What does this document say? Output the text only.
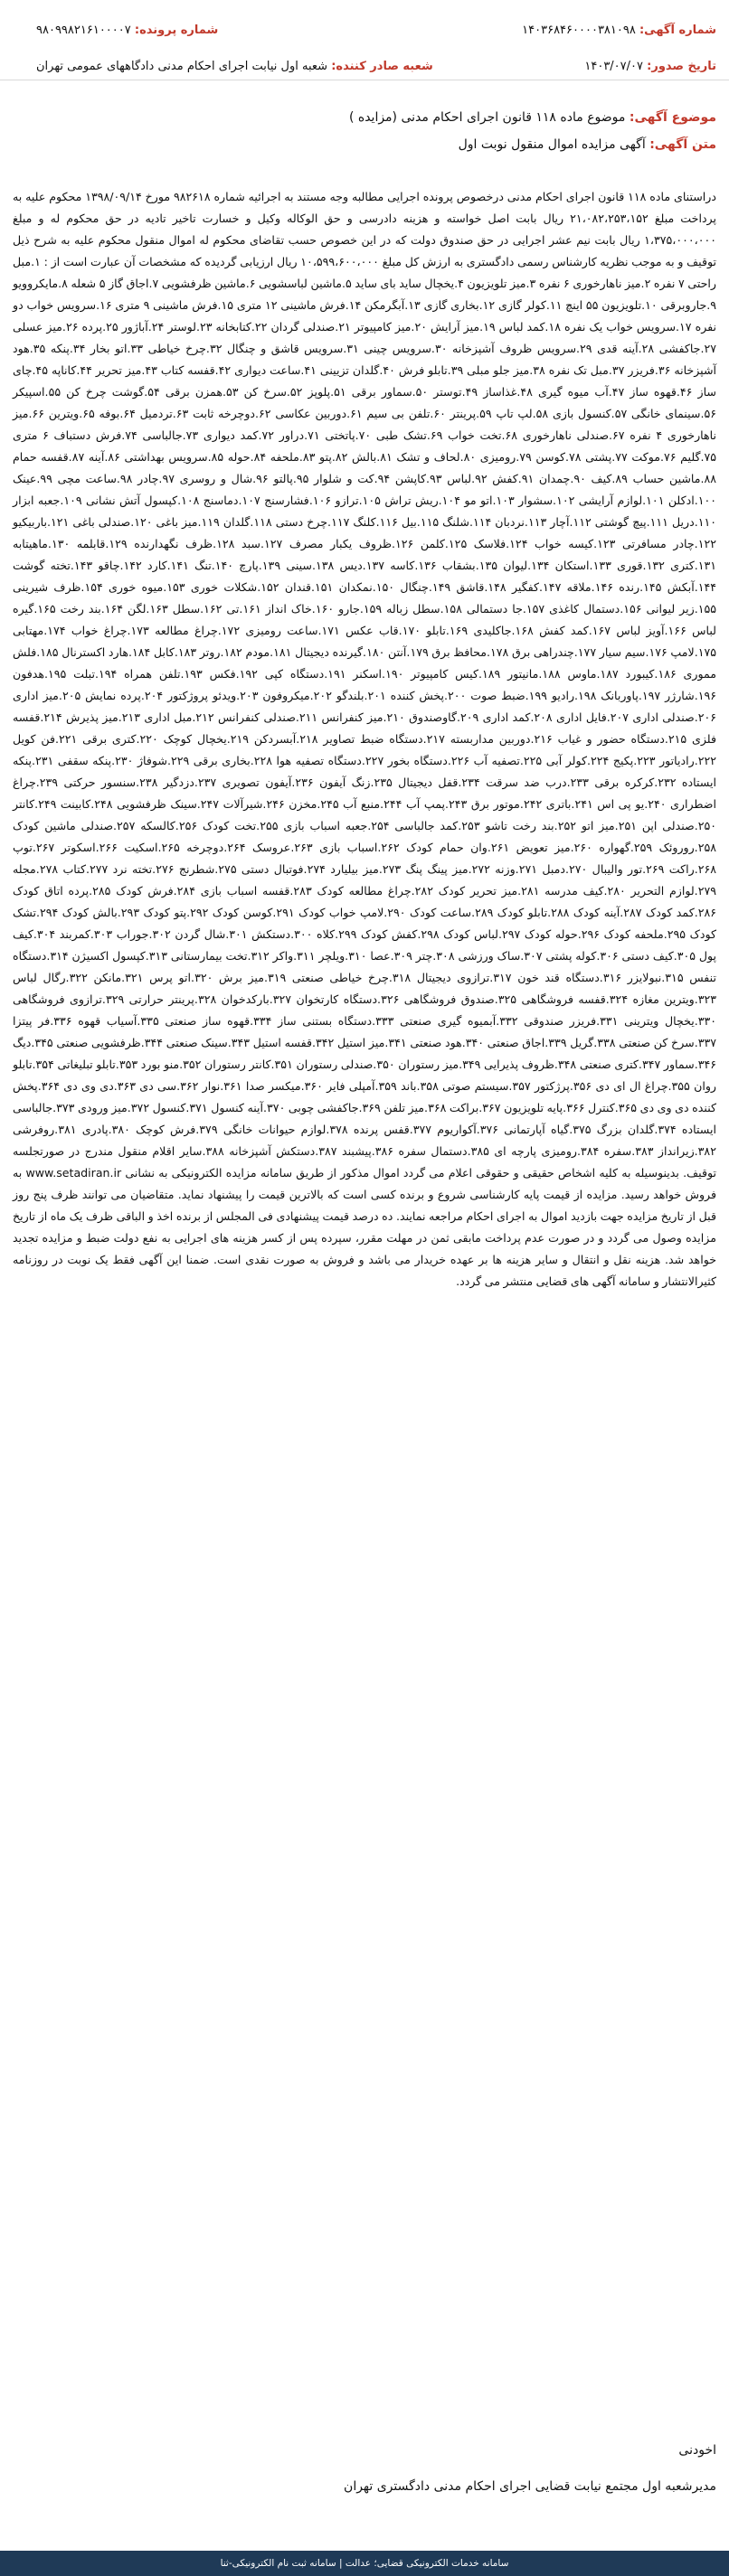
شماره آگهی: ۱۴۰۳۶۸۴۶۰۰۰۰۳۸۱۰۹۸
شماره پرونده: ۹۸۰۹۹۸۲۱۶۱۰۰۰۰۷
تاریخ صدور: ۱۴۰۳/۰۷/۰۷
شعبه صادر کننده: شعبه اول نیابت اجرای احکام مدنی دادگاههای عمومی تهران
موضوع آگهی: موضوع ماده ۱۱۸ قانون اجرای احکام مدنی (مزایده )
متن آگهی: آگهی مزایده اموال منقول نوبت اول
دراستنای ماده ۱۱۸ قانون اجرای احکام مدنی درخصوص پرونده اجرایی مطالبه وجه مستند به اجرائیه شماره ۹۸۲۶۱۸ مورخ ۱۳۹۸/۰۹/۱۴ محکوم علیه به پرداخت مبلغ ۲۱،۰۸۲،۲۵۳،۱۵۲ ریال بابت اصل خواسته و هزینه دادرسی و حق الوکاله وکیل و خسارت تاخیر تادیه در حق محکوم له و مبلغ ۱،۳۷۵،۰۰۰،۰۰۰ ریال بابت نیم عشر اجرایی در حق صندوق دولت که در این خصوص حسب تقاضای محکوم له اموال منقول محکوم علیه به شرح ذیل توقیف و به موجب نظریه کارشناس رسمی دادگستری به ارزش کل مبلغ ۱۰،۵۹۹،۶۰۰،۰۰۰ ریال ارزیابی گردیده که مشخصات آن عبارت است از : ۱.مبل راحتی ۷ نفره ۲.میز ناهارخوری ۶ نفره ۳.میز تلویزیون ۴.یخچال ساید بای ساید ۵.ماشین لباسشویی ۶.ماشین ظرفشویی ۷.اجاق گاز ۵ شعله ۸.مایکروویو ۹.جاروبرقی ۱۰.تلویزیون ۵۵ اینچ ۱۱.کولر گازی ۱۲.بخاری گازی ۱۳.آبگرمکن ۱۴.فرش ماشینی ۱۲ متری ۱۵.فرش ماشینی ۹ متری ۱۶.سرویس خواب دو نفره ۱۷.سرویس خواب یک نفره ۱۸.کمد لباس ۱۹.میز آرایش ۲۰.میز کامپیوتر ۲۱.صندلی گردان ۲۲.کتابخانه ۲۳.لوستر ۲۴.آباژور ۲۵.پرده ۲۶.میز عسلی ۲۷.جاکفشی ۲۸.آینه قدی ۲۹.سرویس ظروف آشپزخانه ۳۰.سرویس چینی ۳۱.سرویس قاشق و چنگال ۳۲.چرخ خیاطی ۳۳.اتو بخار ۳۴.پنکه ۳۵.هود آشپزخانه ۳۶.فریزر ۳۷.مبل تک نفره ۳۸.میز جلو مبلی ۳۹.تابلو فرش ۴۰.گلدان تزیینی ۴۱.ساعت دیواری ۴۲.قفسه کتاب ۴۳.میز تحریر ۴۴.کاناپه ۴۵.چای ساز ۴۶.قهوه ساز ۴۷.آب میوه گیری ۴۸.غذاساز ۴۹.توستر ۵۰.سماور برقی ۵۱.پلوپز ۵۲.سرخ کن ۵۳.همزن برقی ۵۴.گوشت چرخ کن ۵۵.اسپیکر ۵۶.سینمای خانگی ۵۷.کنسول بازی ۵۸.لپ تاپ ۵۹.پرینتر ۶۰.تلفن بی سیم ۶۱.دوربین عکاسی ۶۲.دوچرخه ثابت ۶۳.تردمیل ۶۴.بوفه ۶۵.ویترین ۶۶.میز ناهارخوری ۴ نفره ۶۷.صندلی ناهارخوری ۶۸.تخت خواب ۶۹.تشک طبی ۷۰.پاتختی ۷۱.دراور ۷۲.کمد دیواری ۷۳.جالباسی ۷۴.فرش دستباف ۶ متری ۷۵.گلیم ۷۶.موکت ۷۷.پشتی ۷۸.کوسن ۷۹.رومیزی ۸۰.لحاف و تشک ۸۱.بالش ۸۲.پتو ۸۳.ملحفه ۸۴.حوله ۸۵.سرویس بهداشتی ۸۶.آینه ۸۷.قفسه حمام ۸۸.ماشین حساب ۸۹.کیف ۹۰.چمدان ۹۱.کفش ۹۲.لباس ۹۳.کاپشن ۹۴.کت و شلوار ۹۵.پالتو ۹۶.شال و روسری ۹۷.چادر ۹۸.ساعت مچی ۹۹.عینک ۱۰۰.ادکلن ۱۰۱.لوازم آرایشی ۱۰۲.سشوار ۱۰۳.اتو مو ۱۰۴.ریش تراش ۱۰۵.ترازو ۱۰۶.فشارسنج ۱۰۷.دماسنج ۱۰۸.کپسول آتش نشانی ۱۰۹.جعبه ابزار ۱۱۰.دریل ۱۱۱.پیچ گوشتی ۱۱۲.آچار ۱۱۳.نردبان ۱۱۴.شلنگ ۱۱۵.بیل ۱۱۶.کلنگ ۱۱۷.چرخ دستی ۱۱۸.گلدان ۱۱۹.میز باغی ۱۲۰.صندلی باغی ۱۲۱.باربیکیو ۱۲۲.چادر مسافرتی ۱۲۳.کیسه خواب ۱۲۴.فلاسک ۱۲۵.کلمن ۱۲۶.ظروف یکبار مصرف ۱۲۷.سبد ۱۲۸.ظرف نگهدارنده ۱۲۹.قابلمه ۱۳۰.ماهیتابه ۱۳۱.کتری ۱۳۲.قوری ۱۳۳.استکان ۱۳۴.لیوان ۱۳۵.بشقاب ۱۳۶.کاسه ۱۳۷.دیس ۱۳۸.سینی ۱۳۹.پارچ ۱۴۰.تنگ ۱۴۱.کارد ۱۴۲.چاقو ۱۴۳.تخته گوشت ۱۴۴.آبکش ۱۴۵.رنده ۱۴۶.ملاقه ۱۴۷.کفگیر ۱۴۸.قاشق ۱۴۹.چنگال ۱۵۰.نمکدان ۱۵۱.قندان ۱۵۲.شکلات خوری ۱۵۳.میوه خوری ۱۵۴.ظرف شیرینی ۱۵۵.زیر لیوانی ۱۵۶.دستمال کاغذی ۱۵۷.جا دستمالی ۱۵۸.سطل زباله ۱۵۹.جارو ۱۶۰.خاک انداز ۱۶۱.تی ۱۶۲.سطل ۱۶۳.لگن ۱۶۴.بند رخت ۱۶۵.گیره لباس ۱۶۶.آویز لباس ۱۶۷.کمد کفش ۱۶۸.جاکلیدی ۱۶۹.تابلو ۱۷۰.قاب عکس ۱۷۱.ساعت رومیزی ۱۷۲.چراغ مطالعه ۱۷۳.چراغ خواب ۱۷۴.مهتابی ۱۷۵.لامپ ۱۷۶.سیم سیار ۱۷۷.چندراهی برق ۱۷۸.محافظ برق ۱۷۹.آنتن ۱۸۰.گیرنده دیجیتال ۱۸۱.مودم ۱۸۲.روتر ۱۸۳.کابل ۱۸۴.هارد اکسترنال ۱۸۵.فلش مموری ۱۸۶.کیبورد ۱۸۷.ماوس ۱۸۸.مانیتور ۱۸۹.کیس کامپیوتر ۱۹۰.اسکنر ۱۹۱.دستگاه کپی ۱۹۲.فکس ۱۹۳.تلفن همراه ۱۹۴.تبلت ۱۹۵.هدفون ۱۹۶.شارژر ۱۹۷.پاوربانک ۱۹۸.رادیو ۱۹۹.ضبط صوت ۲۰۰.پخش کننده ۲۰۱.بلندگو ۲۰۲.میکروفون ۲۰۳.ویدئو پروژکتور ۲۰۴.پرده نمایش ۲۰۵.میز اداری ۲۰۶.صندلی اداری ۲۰۷.فایل اداری ۲۰۸.کمد اداری ۲۰۹.گاوصندوق ۲۱۰.میز کنفرانس ۲۱۱.صندلی کنفرانس ۲۱۲.مبل اداری ۲۱۳.میز پذیرش ۲۱۴.قفسه فلزی ۲۱۵.دستگاه حضور و غیاب ۲۱۶.دوربین مداربسته ۲۱۷.دستگاه ضبط تصاویر ۲۱۸.آبسردکن ۲۱۹.یخچال کوچک ۲۲۰.کتری برقی ۲۲۱.فن کویل ۲۲۲.رادیاتور ۲۲۳.پکیج ۲۲۴.کولر آبی ۲۲۵.تصفیه آب ۲۲۶.دستگاه بخور ۲۲۷.دستگاه تصفیه هوا ۲۲۸.بخاری برقی ۲۲۹.شوفاژ ۲۳۰.پنکه سقفی ۲۳۱.پنکه ایستاده ۲۳۲.کرکره برقی ۲۳۳.درب ضد سرقت ۲۳۴.قفل دیجیتال ۲۳۵.زنگ آیفون ۲۳۶.آیفون تصویری ۲۳۷.دزدگیر ۲۳۸.سنسور حرکتی ۲۳۹.چراغ اضطراری ۲۴۰.یو پی اس ۲۴۱.باتری ۲۴۲.موتور برق ۲۴۳.پمپ آب ۲۴۴.منبع آب ۲۴۵.مخزن ۲۴۶.شیرآلات ۲۴۷.سینک ظرفشویی ۲۴۸.کابینت ۲۴۹.کانتر ۲۵۰.صندلی اپن ۲۵۱.میز اتو ۲۵۲.بند رخت تاشو ۲۵۳.کمد جالباسی ۲۵۴.جعبه اسباب بازی ۲۵۵.تخت کودک ۲۵۶.کالسکه ۲۵۷.صندلی ماشین کودک ۲۵۸.روروئک ۲۵۹.گهواره ۲۶۰.میز تعویض ۲۶۱.وان حمام کودک ۲۶۲.اسباب بازی ۲۶۳.عروسک ۲۶۴.دوچرخه ۲۶۵.اسکیت ۲۶۶.اسکوتر ۲۶۷.توپ ۲۶۸.راکت ۲۶۹.تور والیبال ۲۷۰.دمبل ۲۷۱.وزنه ۲۷۲.میز پینگ پنگ ۲۷۳.میز بیلیارد ۲۷۴.فوتبال دستی ۲۷۵.شطرنج ۲۷۶.تخته نرد ۲۷۷.کتاب ۲۷۸.مجله ۲۷۹.لوازم التحریر ۲۸۰.کیف مدرسه ۲۸۱.میز تحریر کودک ۲۸۲.چراغ مطالعه کودک ۲۸۳.قفسه اسباب بازی ۲۸۴.فرش کودک ۲۸۵.پرده اتاق کودک ۲۸۶.کمد کودک ۲۸۷.آینه کودک ۲۸۸.تابلو کودک ۲۸۹.ساعت کودک ۲۹۰.لامپ خواب کودک ۲۹۱.کوسن کودک ۲۹۲.پتو کودک ۲۹۳.بالش کودک ۲۹۴.تشک کودک ۲۹۵.ملحفه کودک ۲۹۶.حوله کودک ۲۹۷.لباس کودک ۲۹۸.کفش کودک ۲۹۹.کلاه ۳۰۰.دستکش ۳۰۱.شال گردن ۳۰۲.جوراب ۳۰۳.کمربند ۳۰۴.کیف پول ۳۰۵.کیف دستی ۳۰۶.کوله پشتی ۳۰۷.ساک ورزشی ۳۰۸.چتر ۳۰۹.عصا ۳۱۰.ویلچر ۳۱۱.واکر ۳۱۲.تخت بیمارستانی ۳۱۳.کپسول اکسیژن ۳۱۴.دستگاه تنفس ۳۱۵.نبولایزر ۳۱۶.دستگاه قند خون ۳۱۷.ترازوی دیجیتال ۳۱۸.چرخ خیاطی صنعتی ۳۱۹.میز برش ۳۲۰.اتو پرس ۳۲۱.مانکن ۳۲۲.رگال لباس ۳۲۳.ویترین مغازه ۳۲۴.قفسه فروشگاهی ۳۲۵.صندوق فروشگاهی ۳۲۶.دستگاه کارتخوان ۳۲۷.بارکدخوان ۳۲۸.پرینتر حرارتی ۳۲۹.ترازوی فروشگاهی ۳۳۰.یخچال ویترینی ۳۳۱.فریزر صندوقی ۳۳۲.آبمیوه گیری صنعتی ۳۳۳.دستگاه بستنی ساز ۳۳۴.قهوه ساز صنعتی ۳۳۵.آسیاب قهوه ۳۳۶.فر پیتزا ۳۳۷.سرخ کن صنعتی ۳۳۸.گریل ۳۳۹.اجاق صنعتی ۳۴۰.هود صنعتی ۳۴۱.میز استیل ۳۴۲.قفسه استیل ۳۴۳.سینک صنعتی ۳۴۴.ظرفشویی صنعتی ۳۴۵.دیگ ۳۴۶.سماور ۳۴۷.کتری صنعتی ۳۴۸.ظروف پذیرایی ۳۴۹.میز رستوران ۳۵۰.صندلی رستوران ۳۵۱.کانتر رستوران ۳۵۲.منو بورد ۳۵۳.تابلو تبلیغاتی ۳۵۴.تابلو روان ۳۵۵.چراغ ال ای دی ۳۵۶.پرژکتور ۳۵۷.سیستم صوتی ۳۵۸.باند ۳۵۹.آمپلی فایر ۳۶۰.میکسر صدا ۳۶۱.نوار ۳۶۲.سی دی ۳۶۳.دی وی دی ۳۶۴.پخش کننده دی وی دی ۳۶۵.کنترل ۳۶۶.پایه تلویزیون ۳۶۷.براکت ۳۶۸.میز تلفن ۳۶۹.جاکفشی چوبی ۳۷۰.آینه کنسول ۳۷۱.کنسول ۳۷۲.میز ورودی ۳۷۳.جالباسی ایستاده ۳۷۴.گلدان بزرگ ۳۷۵.گیاه آپارتمانی ۳۷۶.آکواریوم ۳۷۷.قفس پرنده ۳۷۸.لوازم حیوانات خانگی ۳۷۹.فرش کوچک ۳۸۰.پادری ۳۸۱.روفرشی ۳۸۲.زیرانداز ۳۸۳.سفره ۳۸۴.رومیزی پارچه ای ۳۸۵.دستمال سفره ۳۸۶.پیشبند ۳۸۷.دستکش آشپزخانه ۳۸۸.سایر اقلام منقول مندرج در صورتجلسه توقیف. بدینوسیله به کلیه اشخاص حقیقی و حقوقی اعلام می گردد اموال مذکور از طریق سامانه مزایده الکترونیکی به نشانی www.setadiran.ir به فروش خواهد رسید. مزایده از قیمت پایه کارشناسی شروع و برنده کسی است که بالاترین قیمت را پیشنهاد نماید. متقاضیان می توانند ظرف پنج روز قبل از تاریخ مزایده جهت بازدید اموال به اجرای احکام مراجعه نمایند. ده درصد قیمت پیشنهادی فی المجلس از برنده اخذ و الباقی ظرف یک ماه از تاریخ مزایده وصول می گردد و در صورت عدم پرداخت مابقی ثمن در مهلت مقرر، سپرده پس از کسر هزینه های اجرایی به نفع دولت ضبط و مزایده تجدید خواهد شد. هزینه نقل و انتقال و سایر هزینه ها بر عهده خریدار می باشد و فروش به صورت نقدی است. ضمنا این آگهی فقط یک نوبت در روزنامه کثیرالانتشار و سامانه آگهی های قضایی منتشر می گردد.
اخودنی
مدیرشعبه اول مجتمع نیابت قضایی اجرای احکام مدنی دادگستری تهران
سامانه خدمات الکترونیکی قضایی؛ عدالت | سامانه ثبت نام الکترونیکی-ثنا
